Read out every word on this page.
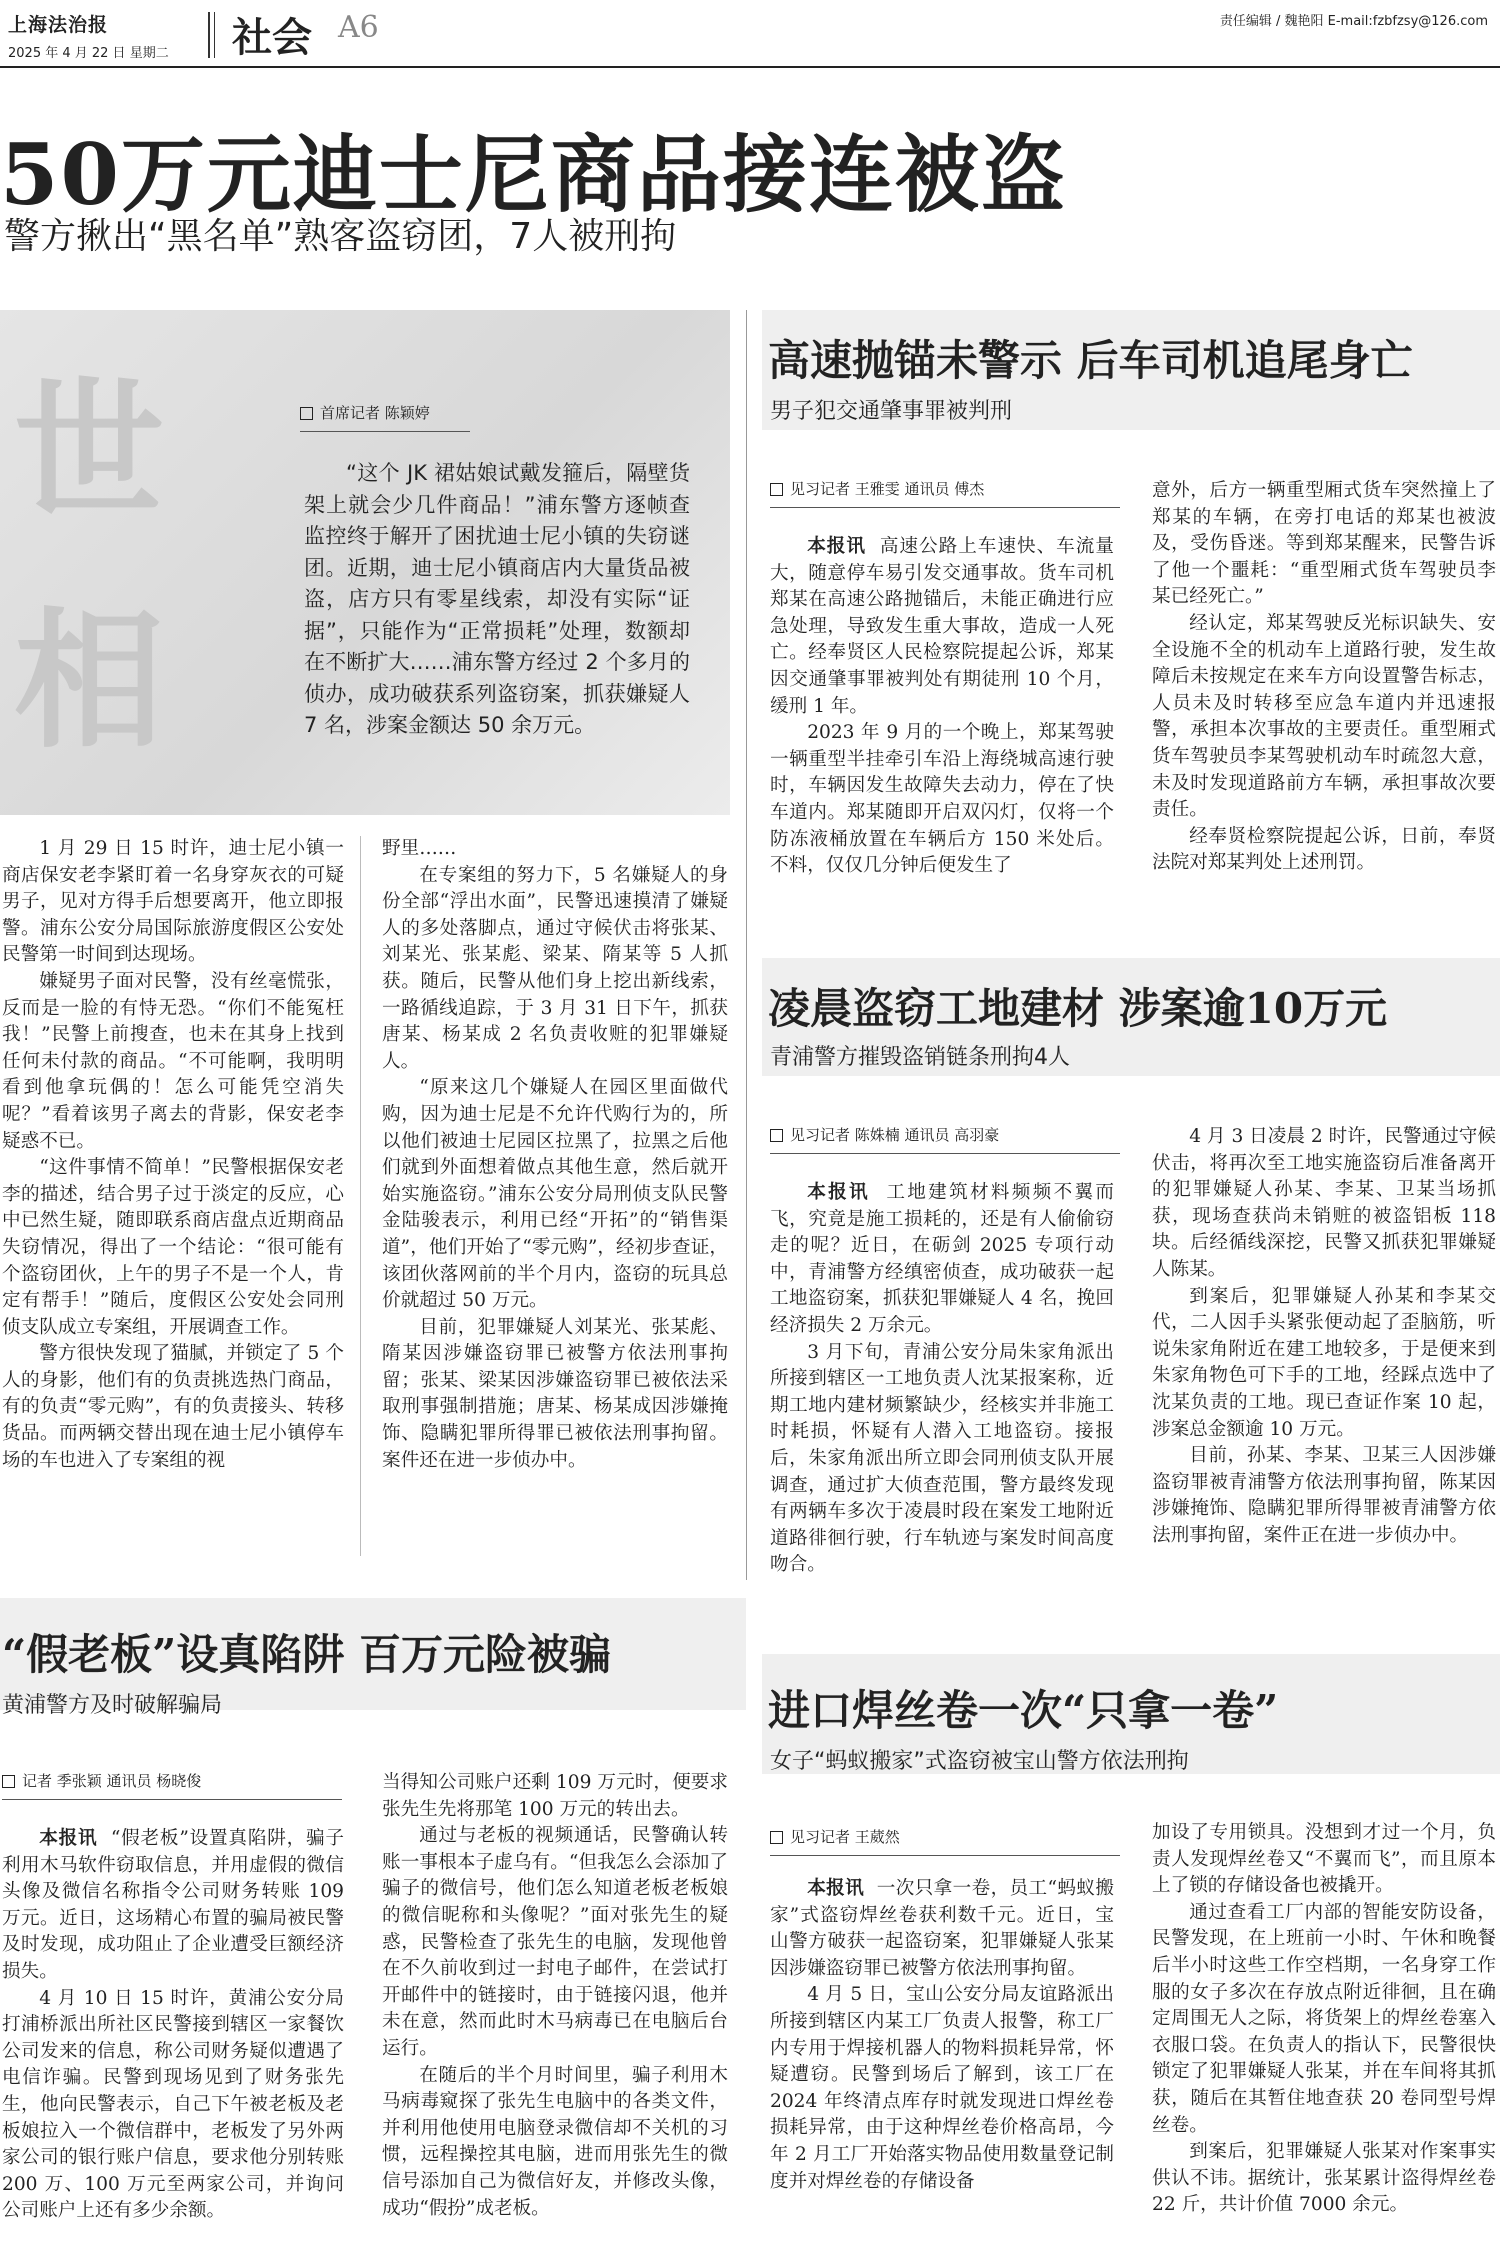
上海法治报
2025 年 4 月 22 日 星期二 社会 A6	责任编辑 / 魏艳阳 E-mail:fzbfzsy@126.com
50万元迪士尼商品接连被盗
警方揪出“黑名单”熟客盗窃团，7人被刑拘
世
相
首席记者 陈颖婷

“这个 JK 裙姑娘试戴发箍后，隔壁货架上就会少几件商品！”浦东警方逐帧查监控终于解开了困扰迪士尼小镇的失窃谜团。近期，迪士尼小镇商店内大量货品被盗，店方只有零星线索，却没有实际“证据”，只能作为“正常损耗”处理，数额却在不断扩大……浦东警方经过 2 个多月的侦办，成功破获系列盗窃案，抓获嫌疑人 7 名，涉案金额达 50 余万元。

1 月 29 日 15 时许，迪士尼小镇一商店保安老李紧盯着一名身穿灰衣的可疑男子，见对方得手后想要离开，他立即报警。浦东公安分局国际旅游度假区公安处民警第一时间到达现场。

嫌疑男子面对民警，没有丝毫慌张，反而是一脸的有恃无恐。“你们不能冤枉我！”民警上前搜查，也未在其身上找到任何未付款的商品。“不可能啊，我明明看到他拿玩偶的！怎么可能凭空消失呢？”看着该男子离去的背影，保安老李疑惑不已。

“这件事情不简单！”民警根据保安老李的描述，结合男子过于淡定的反应，心中已然生疑，随即联系商店盘点近期商品失窃情况，得出了一个结论：“很可能有个盗窃团伙，上午的男子不是一个人，肯定有帮手！”随后，度假区公安处会同刑侦支队成立专案组，开展调查工作。

警方很快发现了猫腻，并锁定了 5 个人的身影，他们有的负责挑选热门商品，有的负责“零元购”，有的负责接头、转移货品。而两辆交替出现在迪士尼小镇停车场的车也进入了专案组的视

野里……

在专案组的努力下，5 名嫌疑人的身份全部“浮出水面”，民警迅速摸清了嫌疑人的多处落脚点，通过守候伏击将张某、刘某光、张某彪、梁某、隋某等 5 人抓获。随后，民警从他们身上挖出新线索，一路循线追踪，于 3 月 31 日下午，抓获唐某、杨某成 2 名负责收赃的犯罪嫌疑人。

“原来这几个嫌疑人在园区里面做代购，因为迪士尼是不允许代购行为的，所以他们被迪士尼园区拉黑了，拉黑之后他们就到外面想着做点其他生意，然后就开始实施盗窃。”浦东公安分局刑侦支队民警金陆骏表示，利用已经“开拓”的“销售渠道”，他们开始了“零元购”，经初步查证，该团伙落网前的半个月内，盗窃的玩具总价就超过 50 万元。

目前，犯罪嫌疑人刘某光、张某彪、隋某因涉嫌盗窃罪已被警方依法刑事拘留；张某、梁某因涉嫌盗窃罪已被依法采取刑事强制措施；唐某、杨某成因涉嫌掩饰、隐瞒犯罪所得罪已被依法刑事拘留。案件还在进一步侦办中。

高速抛锚未警示 后车司机追尾身亡
男子犯交通肇事罪被判刑
见习记者 王雅雯 通讯员 傅杰

本报讯 高速公路上车速快、车流量大，随意停车易引发交通事故。货车司机郑某在高速公路抛锚后，未能正确进行应急处理，导致发生重大事故，造成一人死亡。经奉贤区人民检察院提起公诉，郑某因交通肇事罪被判处有期徒刑 10 个月，缓刑 1 年。

2023 年 9 月的一个晚上，郑某驾驶一辆重型半挂牵引车沿上海绕城高速行驶时，车辆因发生故障失去动力，停在了快车道内。郑某随即开启双闪灯，仅将一个防冻液桶放置在车辆后方 150 米处后。不料，仅仅几分钟后便发生了

意外，后方一辆重型厢式货车突然撞上了郑某的车辆，在旁打电话的郑某也被波及，受伤昏迷。等到郑某醒来，民警告诉了他一个噩耗：“重型厢式货车驾驶员李某已经死亡。”

经认定，郑某驾驶反光标识缺失、安全设施不全的机动车上道路行驶，发生故障后未按规定在来车方向设置警告标志，人员未及时转移至应急车道内并迅速报警，承担本次事故的主要责任。重型厢式货车驾驶员李某驾驶机动车时疏忽大意，未及时发现道路前方车辆，承担事故次要责任。

经奉贤检察院提起公诉，日前，奉贤法院对郑某判处上述刑罚。

凌晨盗窃工地建材 涉案逾10万元
青浦警方摧毁盗销链条刑拘4人
见习记者 陈姝楠 通讯员 高羽豪

本报讯 工地建筑材料频频不翼而飞，究竟是施工损耗的，还是有人偷偷窃走的呢？近日，在砺剑 2025 专项行动中，青浦警方经缜密侦查，成功破获一起工地盗窃案，抓获犯罪嫌疑人 4 名，挽回经济损失 2 万余元。

3 月下旬，青浦公安分局朱家角派出所接到辖区一工地负责人沈某报案称，近期工地内建材频繁缺少，经核实并非施工时耗损，怀疑有人潜入工地盗窃。接报后，朱家角派出所立即会同刑侦支队开展调查，通过扩大侦查范围，警方最终发现有两辆车多次于凌晨时段在案发工地附近道路徘徊行驶，行车轨迹与案发时间高度吻合。

4 月 3 日凌晨 2 时许，民警通过守候伏击，将再次至工地实施盗窃后准备离开的犯罪嫌疑人孙某、李某、卫某当场抓获，现场查获尚未销赃的被盗铝板 118 块。后经循线深挖，民警又抓获犯罪嫌疑人陈某。

到案后，犯罪嫌疑人孙某和李某交代，二人因手头紧张便动起了歪脑筋，听说朱家角附近在建工地较多，于是便来到朱家角物色可下手的工地，经踩点选中了沈某负责的工地。现已查证作案 10 起，涉案总金额逾 10 万元。

目前，孙某、李某、卫某三人因涉嫌盗窃罪被青浦警方依法刑事拘留，陈某因涉嫌掩饰、隐瞒犯罪所得罪被青浦警方依法刑事拘留，案件正在进一步侦办中。

“假老板”设真陷阱 百万元险被骗
黄浦警方及时破解骗局
记者 季张颖 通讯员 杨晓俊

本报讯 “假老板”设置真陷阱，骗子利用木马软件窃取信息，并用虚假的微信头像及微信名称指令公司财务转账 109 万元。近日，这场精心布置的骗局被民警及时发现，成功阻止了企业遭受巨额经济损失。

4 月 10 日 15 时许，黄浦公安分局打浦桥派出所社区民警接到辖区一家餐饮公司发来的信息，称公司财务疑似遭遇了电信诈骗。民警到现场见到了财务张先生，他向民警表示，自己下午被老板及老板娘拉入一个微信群中，老板发了另外两家公司的银行账户信息，要求他分别转账 200 万、100 万元至两家公司，并询问公司账户上还有多少余额。

当得知公司账户还剩 109 万元时，便要求张先生先将那笔 100 万元的转出去。

通过与老板的视频通话，民警确认转账一事根本子虚乌有。“但我怎么会添加了骗子的微信号，他们怎么知道老板老板娘的微信昵称和头像呢？”面对张先生的疑惑，民警检查了张先生的电脑，发现他曾在不久前收到过一封电子邮件，在尝试打开邮件中的链接时，由于链接闪退，他并未在意，然而此时木马病毒已在电脑后台运行。

在随后的半个月时间里，骗子利用木马病毒窥探了张先生电脑中的各类文件，并利用他使用电脑登录微信却不关机的习惯，远程操控其电脑，进而用张先生的微信号添加自己为微信好友，并修改头像，成功“假扮”成老板。

进口焊丝卷一次“只拿一卷”
女子“蚂蚁搬家”式盗窃被宝山警方依法刑拘
见习记者 王葳然

本报讯 一次只拿一卷，员工“蚂蚁搬家”式盗窃焊丝卷获利数千元。近日，宝山警方破获一起盗窃案，犯罪嫌疑人张某因涉嫌盗窃罪已被警方依法刑事拘留。

4 月 5 日，宝山公安分局友谊路派出所接到辖区内某工厂负责人报警，称工厂内专用于焊接机器人的物料损耗异常，怀疑遭窃。民警到场后了解到，该工厂在 2024 年终清点库存时就发现进口焊丝卷损耗异常，由于这种焊丝卷价格高昂，今年 2 月工厂开始落实物品使用数量登记制度并对焊丝卷的存储设备

加设了专用锁具。没想到才过一个月，负责人发现焊丝卷又“不翼而飞”，而且原本上了锁的存储设备也被撬开。

通过查看工厂内部的智能安防设备，民警发现，在上班前一小时、午休和晚餐后半小时这些工作空档期，一名身穿工作服的女子多次在存放点附近徘徊，且在确定周围无人之际，将货架上的焊丝卷塞入衣服口袋。在负责人的指认下，民警很快锁定了犯罪嫌疑人张某，并在车间将其抓获，随后在其暂住地查获 20 卷同型号焊丝卷。

到案后，犯罪嫌疑人张某对作案事实供认不讳。据统计，张某累计盗得焊丝卷 22 斤，共计价值 7000 余元。
